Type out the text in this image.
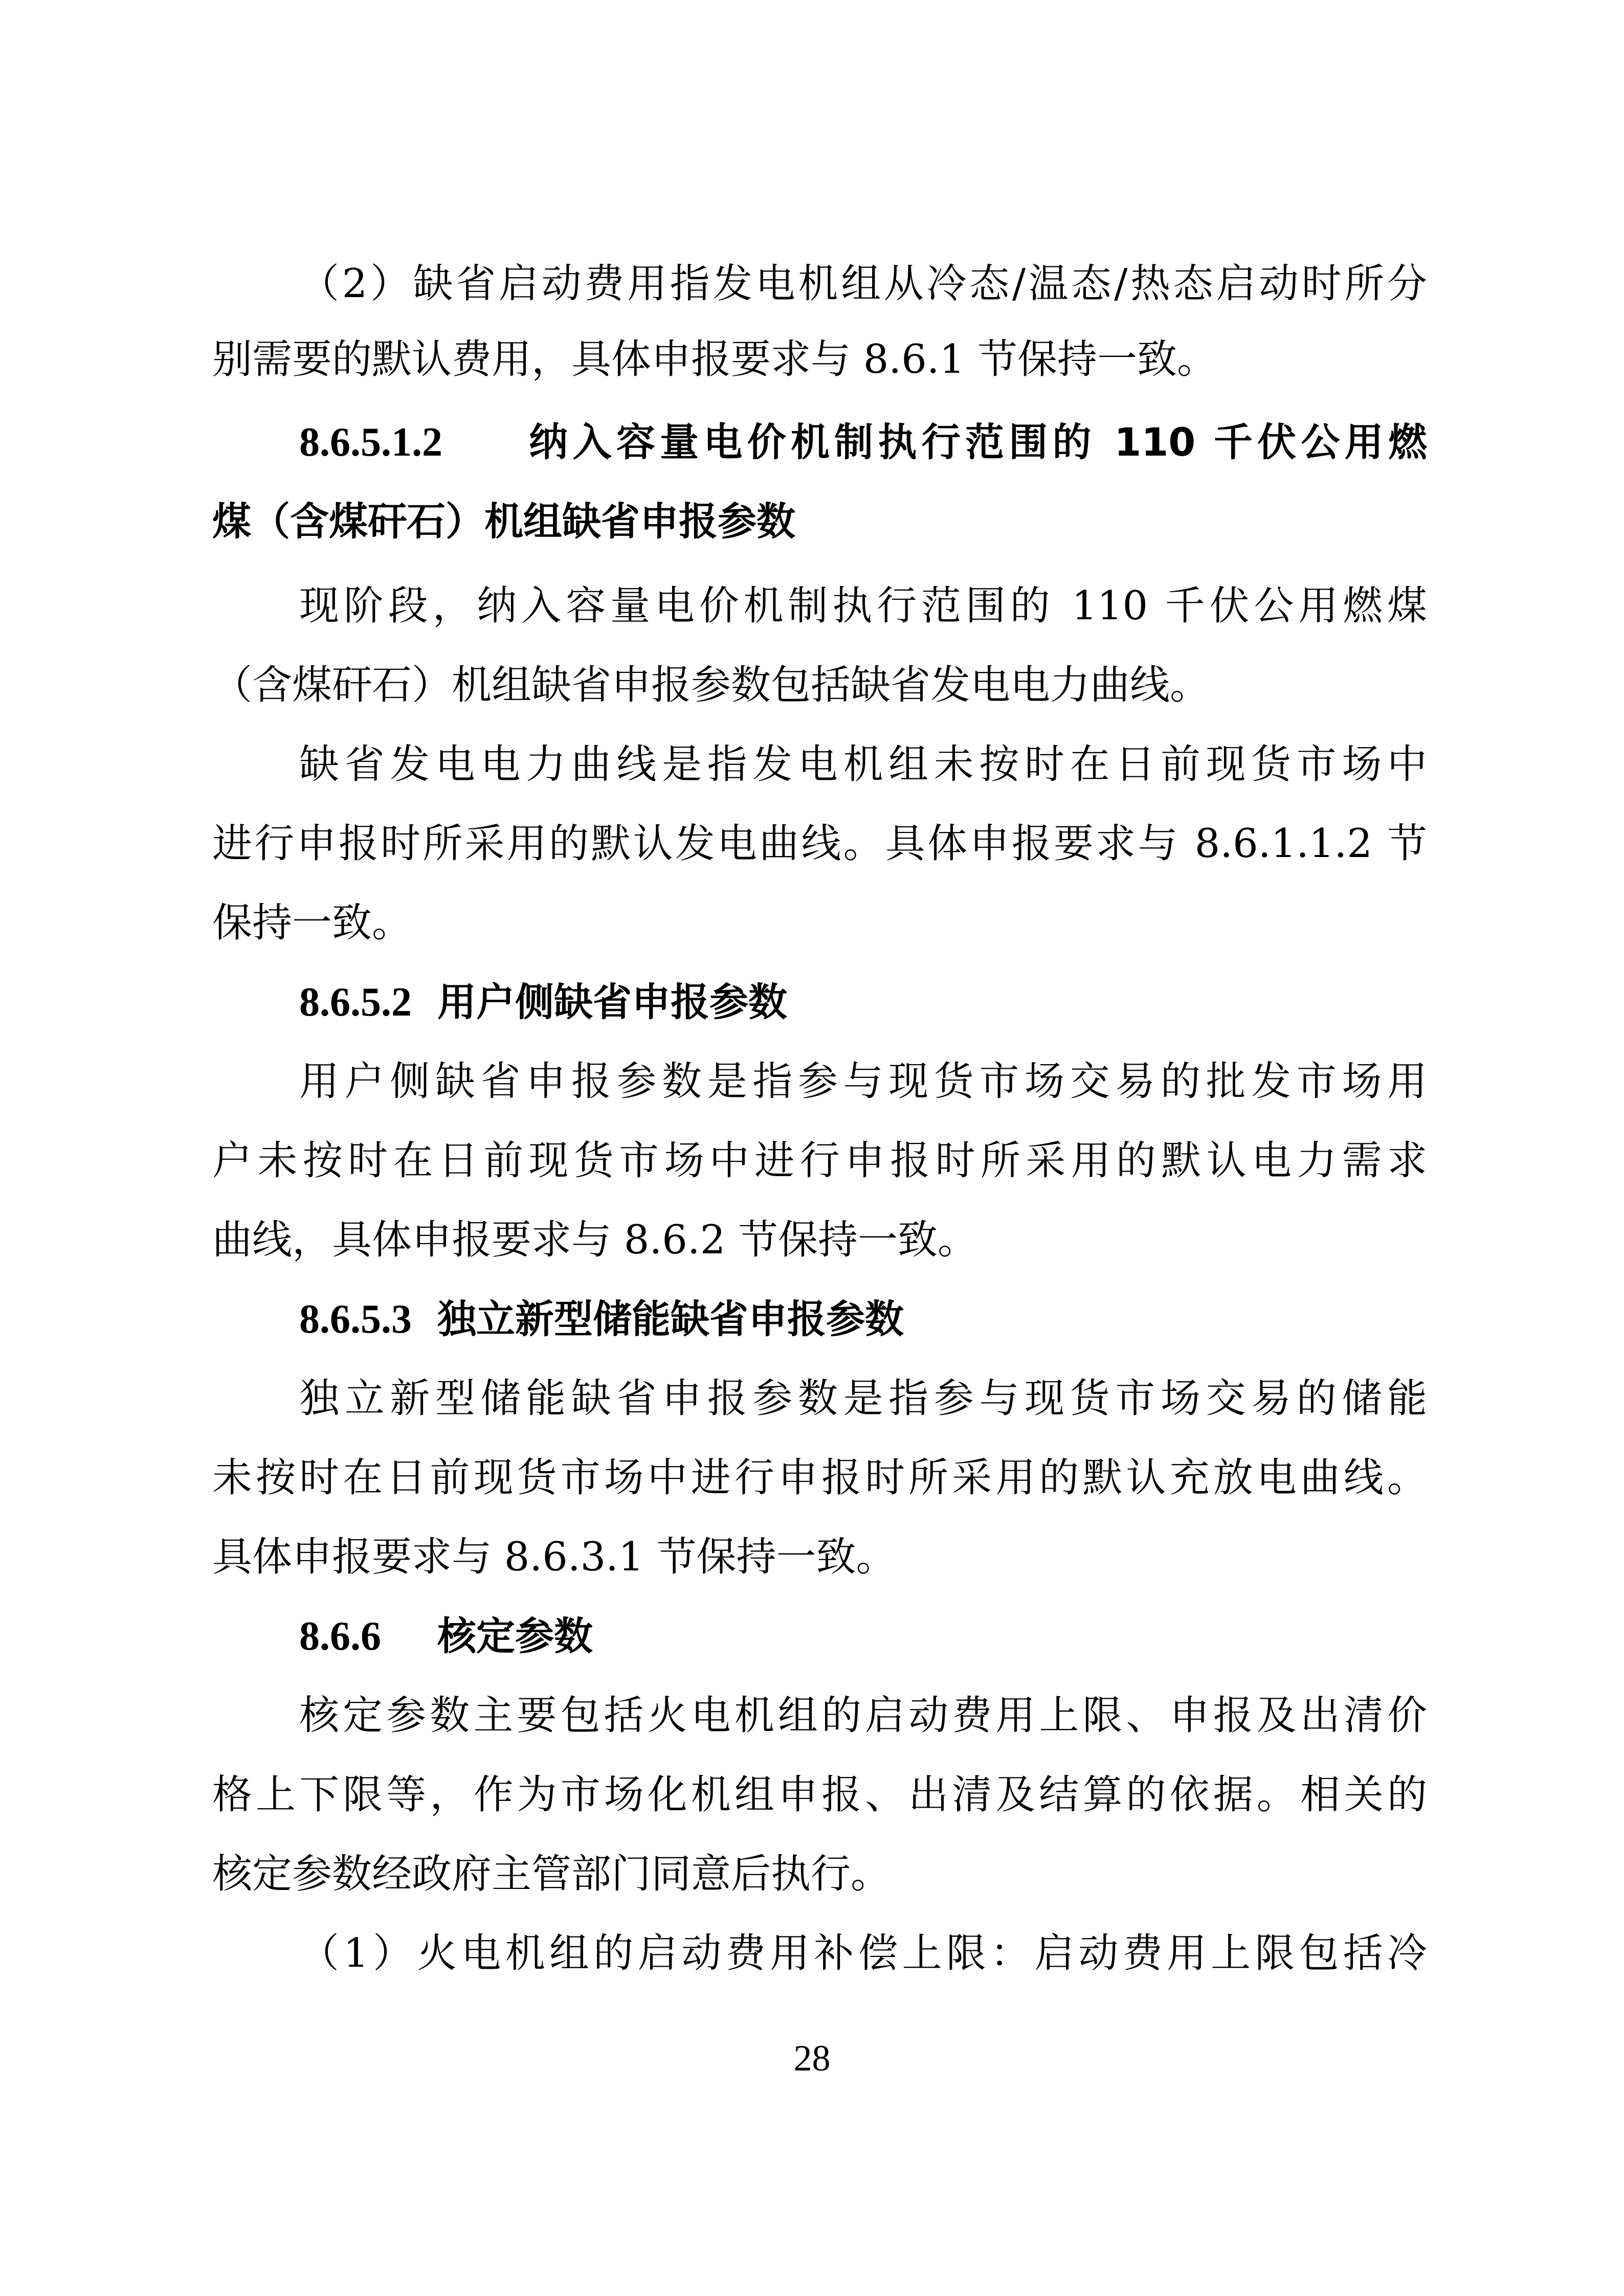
（2）缺省启动费用指发电机组从冷态/温态/热态启动时所分
别需要的默认费用，具体申报要求与 8.6.1 节保持一致。
8.6.5.1.2 纳入容量电价机制执行范围的 110 千伏公用燃
煤（含煤矸石）机组缺省申报参数
现阶段，纳入容量电价机制执行范围的 110 千伏公用燃煤
（含煤矸石）机组缺省申报参数包括缺省发电电力曲线。
缺省发电电力曲线是指发电机组未按时在日前现货市场中
进行申报时所采用的默认发电曲线。具体申报要求与 8.6.1.1.2 节
保持一致。
8.6.5.2 用户侧缺省申报参数
用户侧缺省申报参数是指参与现货市场交易的批发市场用
户未按时在日前现货市场中进行申报时所采用的默认电力需求
曲线，具体申报要求与 8.6.2 节保持一致。
8.6.5.3 独立新型储能缺省申报参数
独立新型储能缺省申报参数是指参与现货市场交易的储能
未按时在日前现货市场中进行申报时所采用的默认充放电曲线。
具体申报要求与 8.6.3.1 节保持一致。
8.6.6 核定参数
核定参数主要包括火电机组的启动费用上限、申报及出清价
格上下限等，作为市场化机组申报、出清及结算的依据。相关的
核定参数经政府主管部门同意后执行。
（1）火电机组的启动费用补偿上限：启动费用上限包括冷
28
